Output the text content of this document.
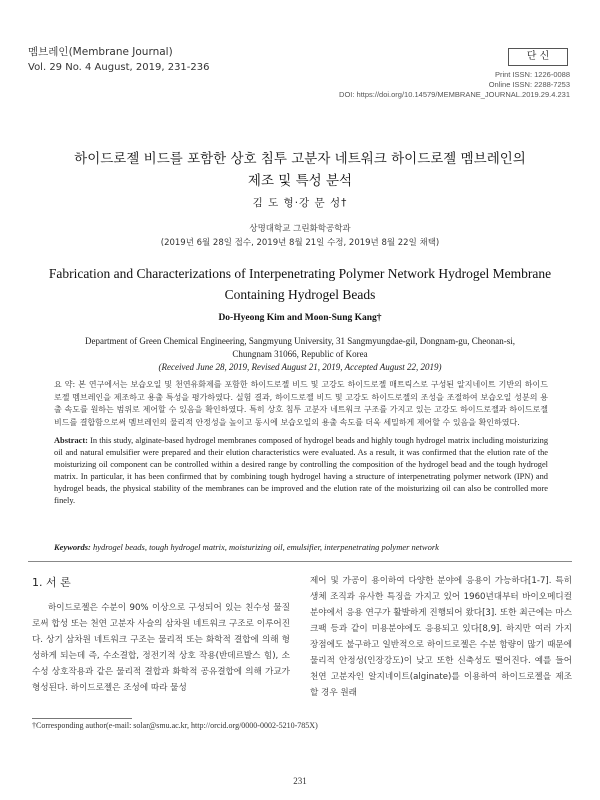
멤브레인(Membrane Journal)
Vol. 29 No. 4 August, 2019, 231-236
단 신
Print ISSN: 1226-0088
Online ISSN: 2288-7253
DOI: https://doi.org/10.14579/MEMBRANE_JOURNAL.2019.29.4.231
하이드로젤 비드를 포함한 상호 침투 고분자 네트워크 하이드로젤 멤브레인의
제조 및 특성 분석
김 도 형·강 문 성†
상명대학교 그린화학공학과
(2019년 6월 28일 접수, 2019년 8월 21일 수정, 2019년 8월 22일 채택)
Fabrication and Characterizations of Interpenetrating Polymer Network Hydrogel Membrane
Containing Hydrogel Beads
Do-Hyeong Kim and Moon-Sung Kang†
Department of Green Chemical Engineering, Sangmyung University, 31 Sangmyungdae-gil, Dongnam-gu, Cheonan-si,
Chungnam 31066, Republic of Korea
(Received June 28, 2019, Revised August 21, 2019, Accepted August 22, 2019)
요 약: 본 연구에서는 보습오일 및 천연유화제를 포함한 하이드로젤 비드 및 고강도 하이드로젤 매트릭스로 구성된 알지네이트 기반의 하이드로젤 멤브레인을 제조하고 용출 특성을 평가하였다. 실험 결과, 하이드로젤 비드 및 고강도 하이드로젤의 조성을 조절하여 보습오일 성분의 용출 속도를 원하는 범위로 제어할 수 있음을 확인하였다. 특히 상호 침투 고분자 네트워크 구조를 가지고 있는 고강도 하이드로젤과 하이드로젤 비드를 결합함으로써 멤브레인의 물리적 안정성을 높이고 동시에 보습오일의 용출 속도를 더욱 세밀하게 제어할 수 있음을 확인하였다.
Abstract: In this study, alginate-based hydrogel membranes composed of hydrogel beads and highly tough hydrogel matrix including moisturizing oil and natural emulsifier were prepared and their elution characteristics were evaluated. As a result, it was confirmed that the elution rate of the moisturizing oil component can be controlled within a desired range by controlling the composition of the hydrogel bead and the tough hydrogel matrix. In particular, it has been confirmed that by combining tough hydrogel having a structure of interpenetrating polymer network (IPN) and hydrogel beads, the physical stability of the membranes can be improved and the elution rate of the moisturizing oil can also be controlled more finely.
Keywords: hydrogel beads, tough hydrogel matrix, moisturizing oil, emulsifier, interpenetrating polymer network
1. 서 론

하이드로젤은 수분이 90% 이상으로 구성되어 있는 친수성 물질로써 합성 또는 천연 고분자 사슬의 삼차원 네트워크 구조로 이루어진다. 상기 삼차원 네트워크 구조는 물리적 또는 화학적 결합에 의해 형성하게 되는데 즉, 수소결합, 정전기적 상호 작용(반데르발스 힘), 소수성 상호작용과 같은 물리적 결합과 화학적 공유결합에 의해 가교가 형성된다. 하이드로젤은 조성에 따라 물성

제어 및 가공이 용이하여 다양한 분야에 응용이 가능하다[1-7]. 특히 생체 조직과 유사한 특징을 가지고 있어 1960년대부터 바이오메디컬 분야에서 응용 연구가 활발하게 진행되어 왔다[3]. 또한 최근에는 마스크팩 등과 같이 미용분야에도 응용되고 있다[8,9]. 하지만 여러 가지 장점에도 불구하고 일반적으로 하이드로젤은 수분 함량이 많기 때문에 물리적 안정성(인장강도)이 낮고 또한 신축성도 떨어진다. 예를 들어 천연 고분자인 알지네이트(alginate)를 이용하여 하이드로젤을 제조할 경우 원래

†Corresponding author(e-mail: solar@smu.ac.kr, http://orcid.org/0000-0002-5210-785X)
231
